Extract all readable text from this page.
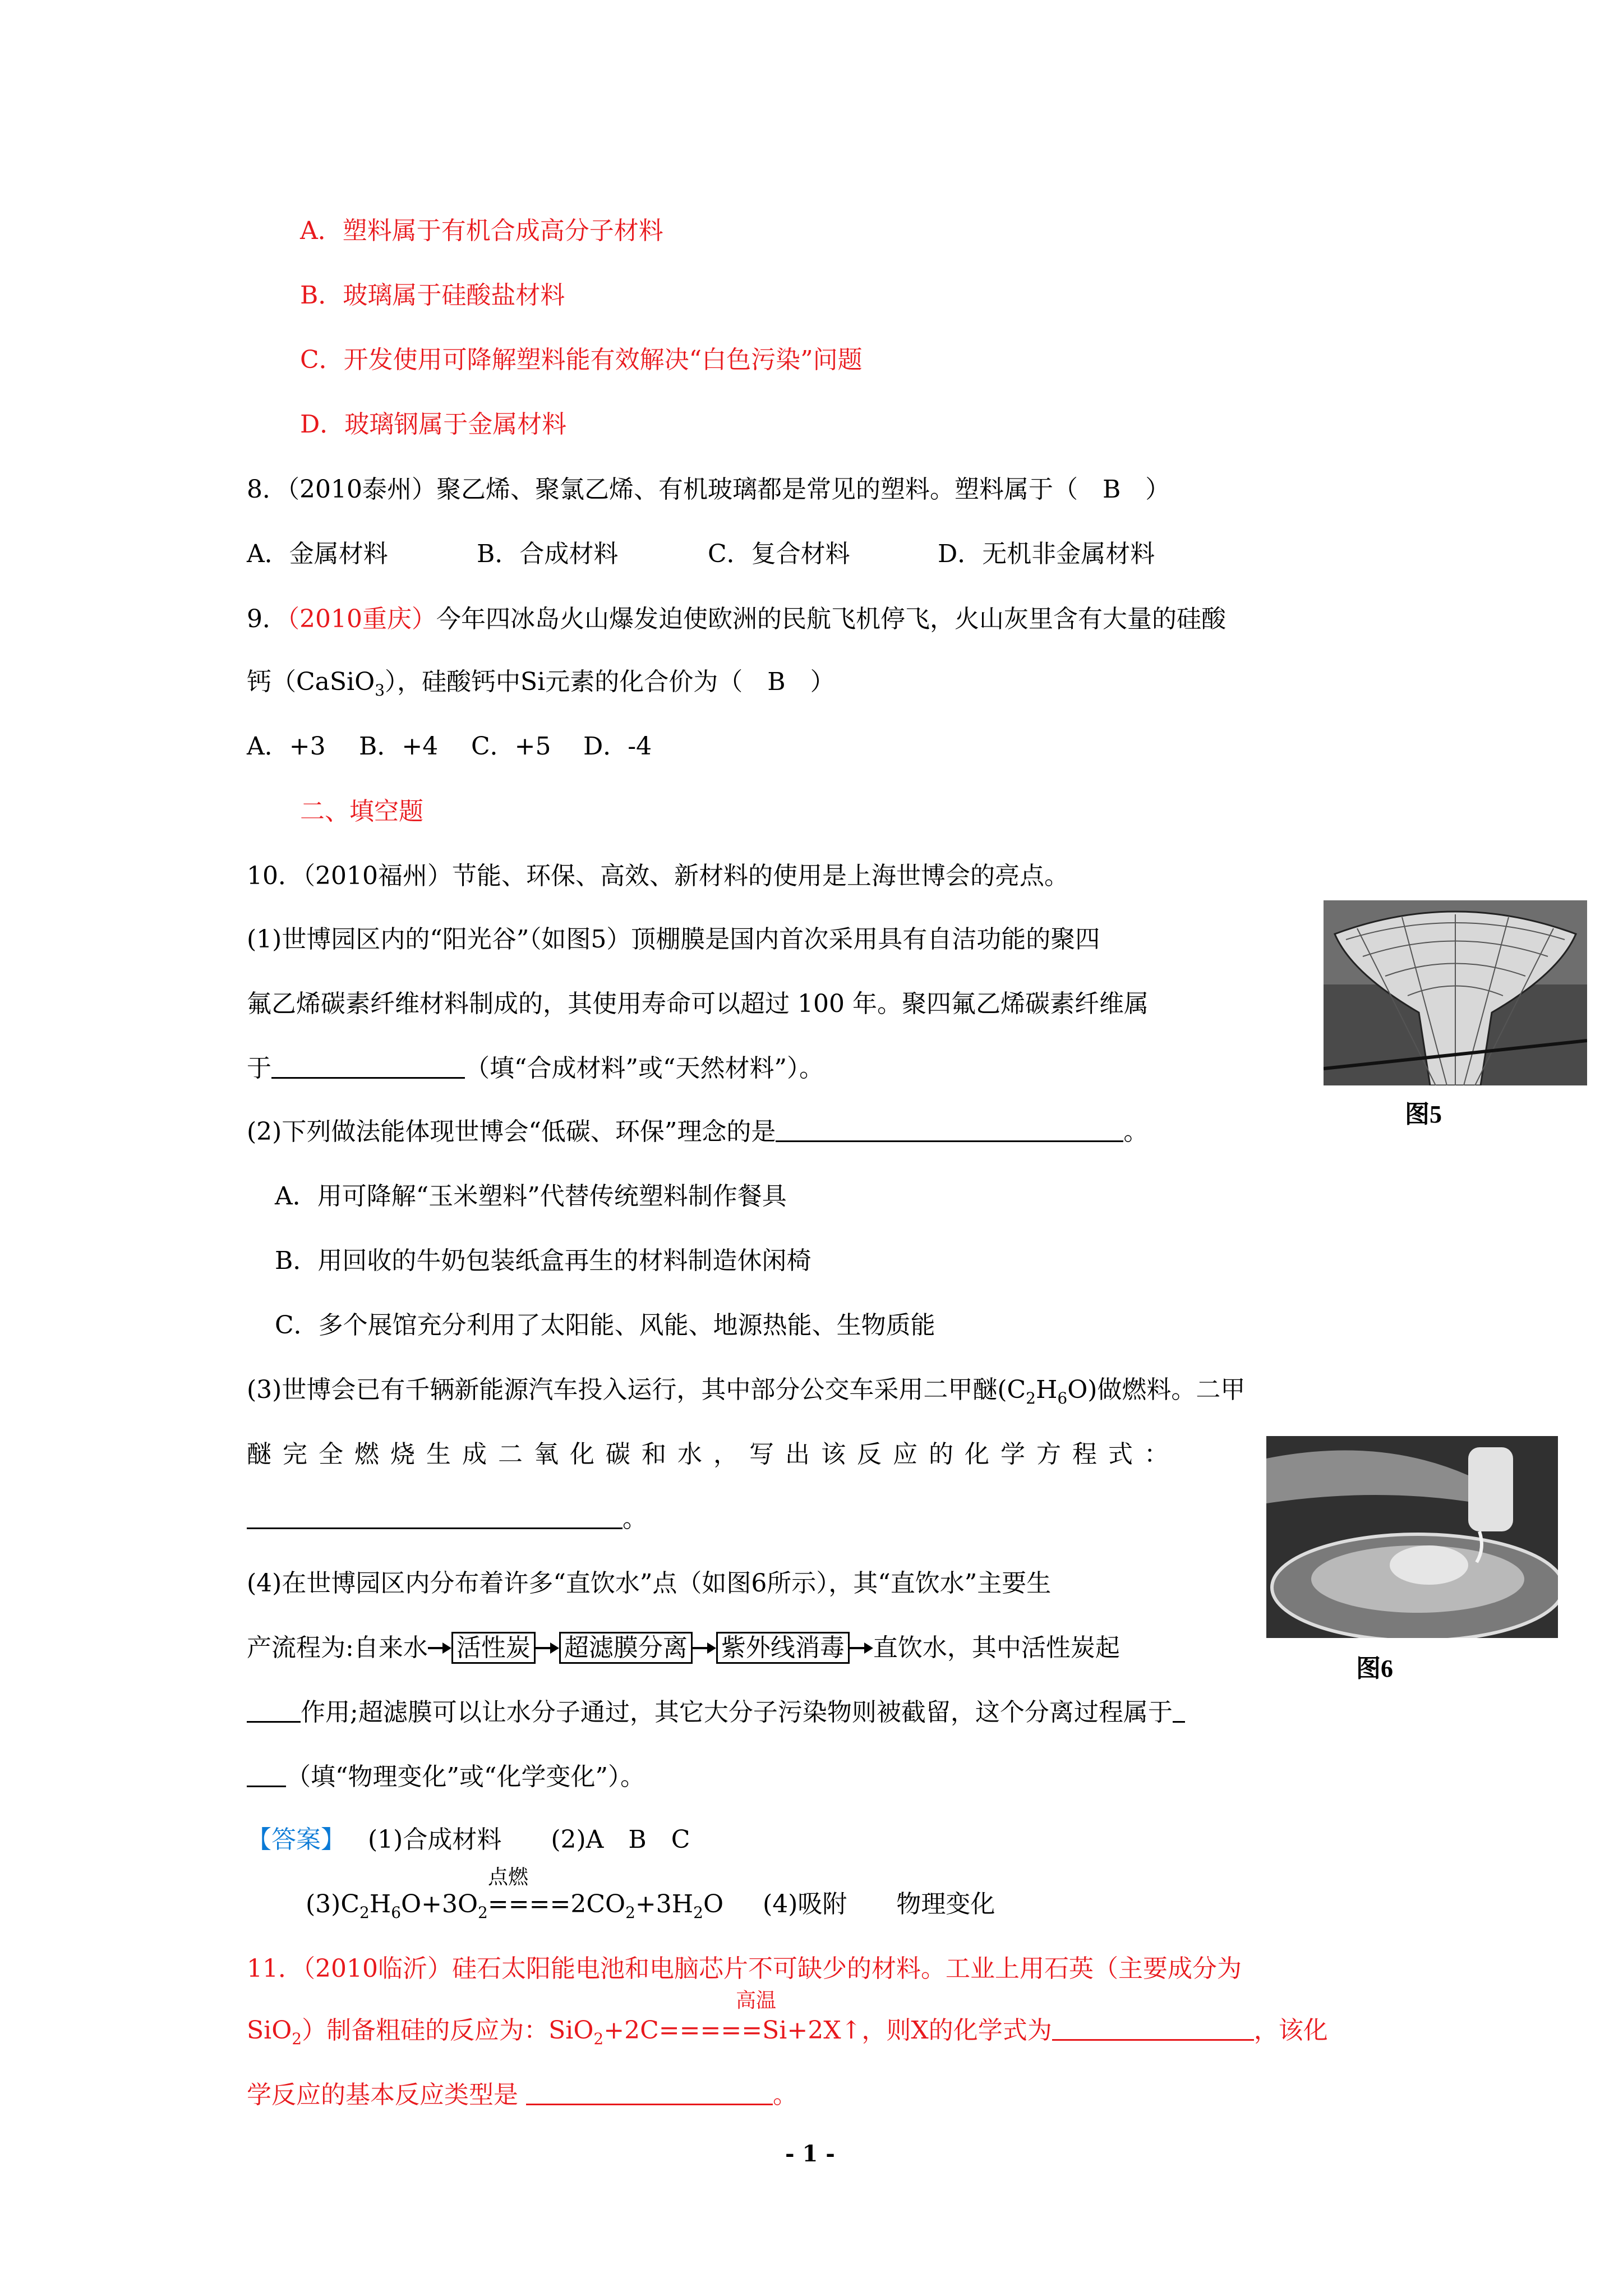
A．塑料属于有机合成高分子材料
B．玻璃属于硅酸盐材料
C．开发使用可降解塑料能有效解决“白色污染”问题
D．玻璃钢属于金属材料
8．（2010泰州）聚乙烯、聚氯乙烯、有机玻璃都是常见的塑料。塑料属于（　B　）
A．金属材料	B．合成材料	C．复合材料	D．无机非金属材料
9．（2010重庆）今年四冰岛火山爆发迫使欧洲的民航飞机停飞，火山灰里含有大量的硅酸
钙（CaSiO$_3$），硅酸钙中Si元素的化合价为（　B　）
A．+3 B．+4 C．+5 D．-4
二、填空题
10．（2010福州）节能、环保、高效、新材料的使用是上海世博会的亮点。
(1)世博园区内的“阳光谷”（如图5）顶棚膜是国内首次采用具有自洁功能的聚四
氟乙烯碳素纤维材料制成的，其使用寿命可以超过 100 年。聚四氟乙烯碳素纤维属
于	（填“合成材料”或“天然材料”）。
图5
(2)下列做法能体现世博会“低碳、环保”理念的是	。
A．用可降解“玉米塑料”代替传统塑料制作餐具
B．用回收的牛奶包装纸盒再生的材料制造休闲椅
C．多个展馆充分利用了太阳能、风能、地源热能、生物质能
(3)世博会已有千辆新能源汽车投入运行，其中部分公交车采用二甲醚$(C_2H_6O)$做燃料。二甲
醚完全燃烧生成二氧化碳和水，写出该反应的化学方程式：
。
图6
(4)在世博园区内分布着许多“直饮水”点（如图6所示），其“直饮水”主要生
产流程为:自来水 活性炭 超滤膜分离 紫外线消毒 直饮水，其中活性炭起
作用;超滤膜可以让水分子通过，其它大分子污染物则被截留，这个分离过程属于
（填“物理变化”或“化学变化”）。
【答案】 (1)合成材料　　(2)A　B　C
点燃
$(3)C_2H_6O+3O_2====2CO_2+3H_2O$ (4)吸附　　物理变化
11．（2010临沂）硅石太阳能电池和电脑芯片不可缺少的材料。工业上用石英（主要成分为
高温
SiO$_2$）制备粗硅的反应为：SiO$_2$+2C=====Si+2X↑，则X的化学式为	，该化
学反应的基本反应类型是	。
- 1 -
